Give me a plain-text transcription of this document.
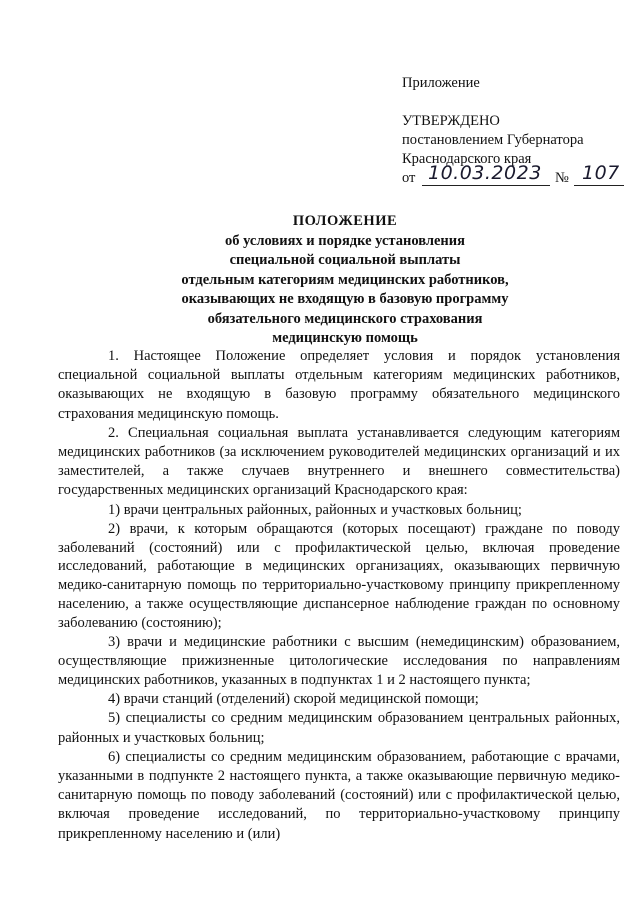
Приложение
УТВЕРЖДЕНО
постановлением Губернатора
Краснодарского края
от 10.03.2023 № 107
ПОЛОЖЕНИЕ
об условиях и порядке установления
специальной социальной выплаты
отдельным категориям медицинских работников,
оказывающих не входящую в базовую программу
обязательного медицинского страхования
медицинскую помощь

1. Настоящее Положение определяет условия и порядок установления специальной социальной выплаты отдельным категориям медицинских работников, оказывающих не входящую в базовую программу обязательного медицинского страхования медицинскую помощь.

2. Специальная социальная выплата устанавливается следующим категориям медицинских работников (за исключением руководителей медицинских организаций и их заместителей, а также случаев внутреннего и внешнего совместительства) государственных медицинских организаций Краснодарского края:

1) врачи центральных районных, районных и участковых больниц;

2) врачи, к которым обращаются (которых посещают) граждане по поводу заболеваний (состояний) или с профилактической целью, включая проведение исследований, работающие в медицинских организациях, оказывающих первичную медико-санитарную помощь по территориально-участковому принципу прикрепленному населению, а также осуществляющие диспансерное наблюдение граждан по основному заболеванию (состоянию);

3) врачи и медицинские работники с высшим (немедицинским) образованием, осуществляющие прижизненные цитологические исследования по направлениям медицинских работников, указанных в подпунктах 1 и 2 настоящего пункта;

4) врачи станций (отделений) скорой медицинской помощи;

5) специалисты со средним медицинским образованием центральных районных, районных и участковых больниц;

6) специалисты со средним медицинским образованием, работающие с врачами, указанными в подпункте 2 настоящего пункта, а также оказывающие первичную медико-санитарную помощь по поводу заболеваний (состояний) или с профилактической целью, включая проведение исследований, по территориально-участковому принципу прикрепленному населению и (или)
